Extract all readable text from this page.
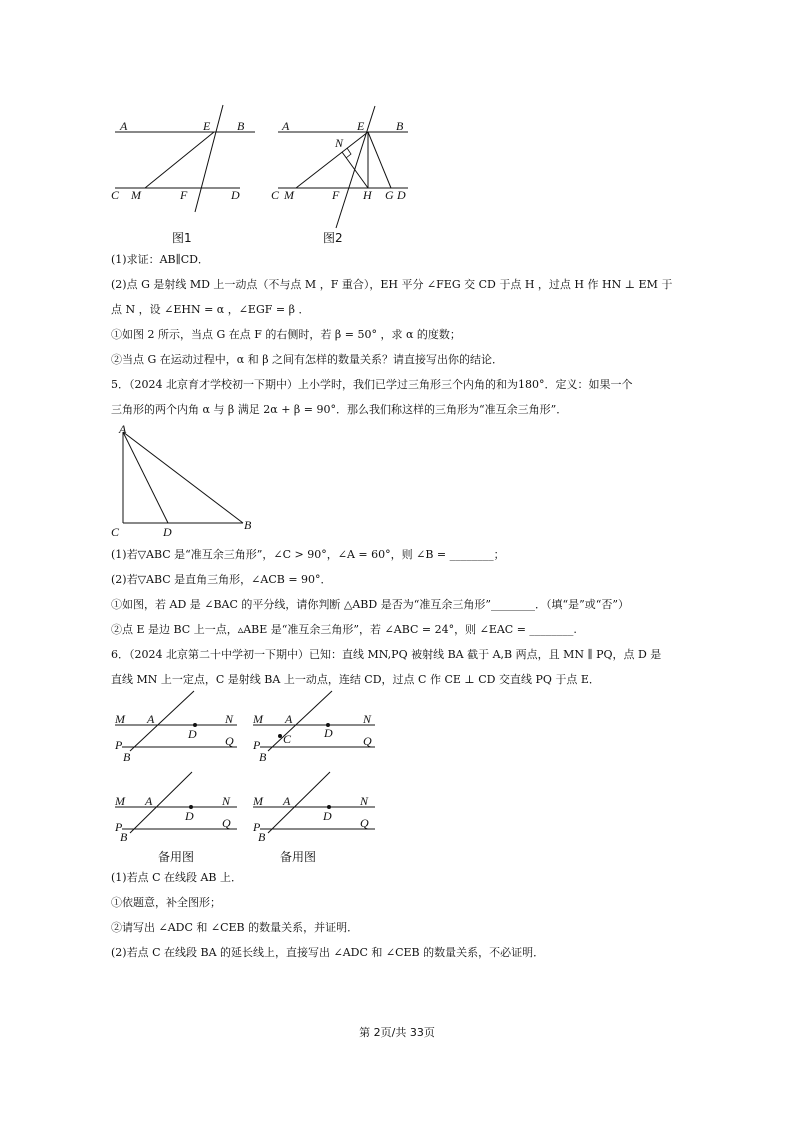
A	E B
C M	F	D
图1
A	E	B
N
C M	F H G D
图2
(1)求证：AB∥CD．
(2)点 G 是射线 MD 上一动点（不与点 M ，F 重合），EH 平分 ∠FEG 交 CD 于点 H ，过点 H 作 HN ⊥ EM 于
点 N ，设 ∠EHN = α ，∠EGF = β ．
①如图 2 所示，当点 G 在点 F 的右侧时，若 β = 50° ，求 α 的度数；
②当点 G 在运动过程中，α 和 β 之间有怎样的数量关系？请直接写出你的结论．
5．（2024 北京育才学校初一下期中）上小学时，我们已学过三角形三个内角的和为180°．定义：如果一个
三角形的两个内角 α 与 β 满足 2α + β = 90°．那么我们称这样的三角形为“准互余三角形”．
A
C	D	B
(1)若▽ABC 是“准互余三角形”，∠C > 90°，∠A = 60°，则 ∠B = ________；
(2)若▽ABC 是直角三角形，∠ACB = 90°．
①如图，若 AD 是 ∠BAC 的平分线，请你判断 △ABD 是否为“准互余三角形”________．（填“是”或“否”）
②点 E 是边 BC 上一点，▵ABE 是“准互余三角形”，若 ∠ABC = 24°，则 ∠EAC = ________.
6．（2024 北京第二十中学初一下期中）已知：直线 MN,PQ 被射线 BA 截于 A,B 两点，且 MN ∥ PQ，点 D 是
直线 MN 上一定点，C 是射线 BA 上一动点，连结 CD，过点 C 作 CE ⊥ CD 交直线 PQ 于点 E．
M A	N
D
P	Q
B
M A	N
D
C
P	Q
B
M A	N
D
P	Q
B
备用图
M A	N
D
P	Q
B
备用图
(1)若点 C 在线段 AB 上．
①依题意，补全图形；
②请写出 ∠ADC 和 ∠CEB 的数量关系，并证明．
(2)若点 C 在线段 BA 的延长线上，直接写出 ∠ADC 和 ∠CEB 的数量关系，不必证明．
第 2页/共 33页
